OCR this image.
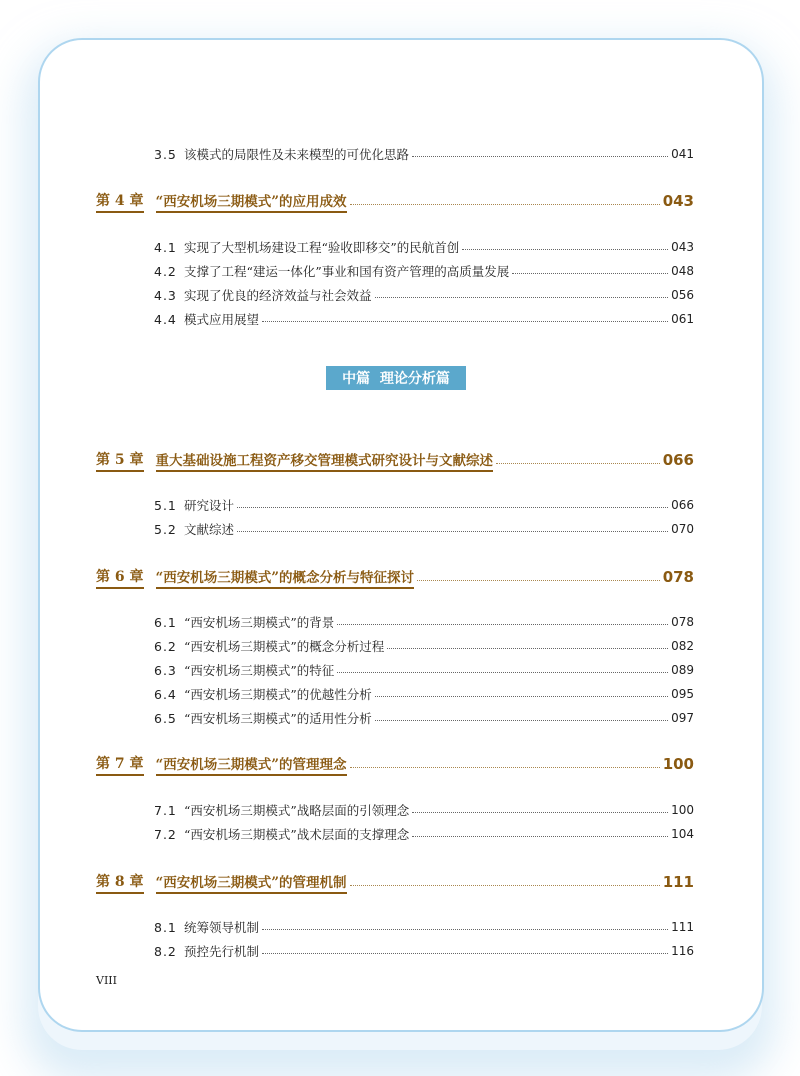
3.5 该模式的局限性及未来模型的可优化思路	041
第 4 章 “西安机场三期模式”的应用成效	043
4.1 实现了大型机场建设工程“验收即移交”的民航首创	043
4.2 支撑了工程“建运一体化”事业和国有资产管理的高质量发展	048
4.3 实现了优良的经济效益与社会效益	056
4.4 模式应用展望	061
中篇  理论分析篇
第 5 章 重大基础设施工程资产移交管理模式研究设计与文献综述	066
5.1 研究设计	066
5.2 文献综述	070
第 6 章 “西安机场三期模式”的概念分析与特征探讨	078
6.1 “西安机场三期模式”的背景	078
6.2 “西安机场三期模式”的概念分析过程	082
6.3 “西安机场三期模式”的特征	089
6.4 “西安机场三期模式”的优越性分析	095
6.5 “西安机场三期模式”的适用性分析	097
第 7 章 “西安机场三期模式”的管理理念	100
7.1 “西安机场三期模式”战略层面的引领理念	100
7.2 “西安机场三期模式”战术层面的支撑理念	104
第 8 章 “西安机场三期模式”的管理机制	111
8.1 统筹领导机制	111
8.2 预控先行机制	116
VIII
